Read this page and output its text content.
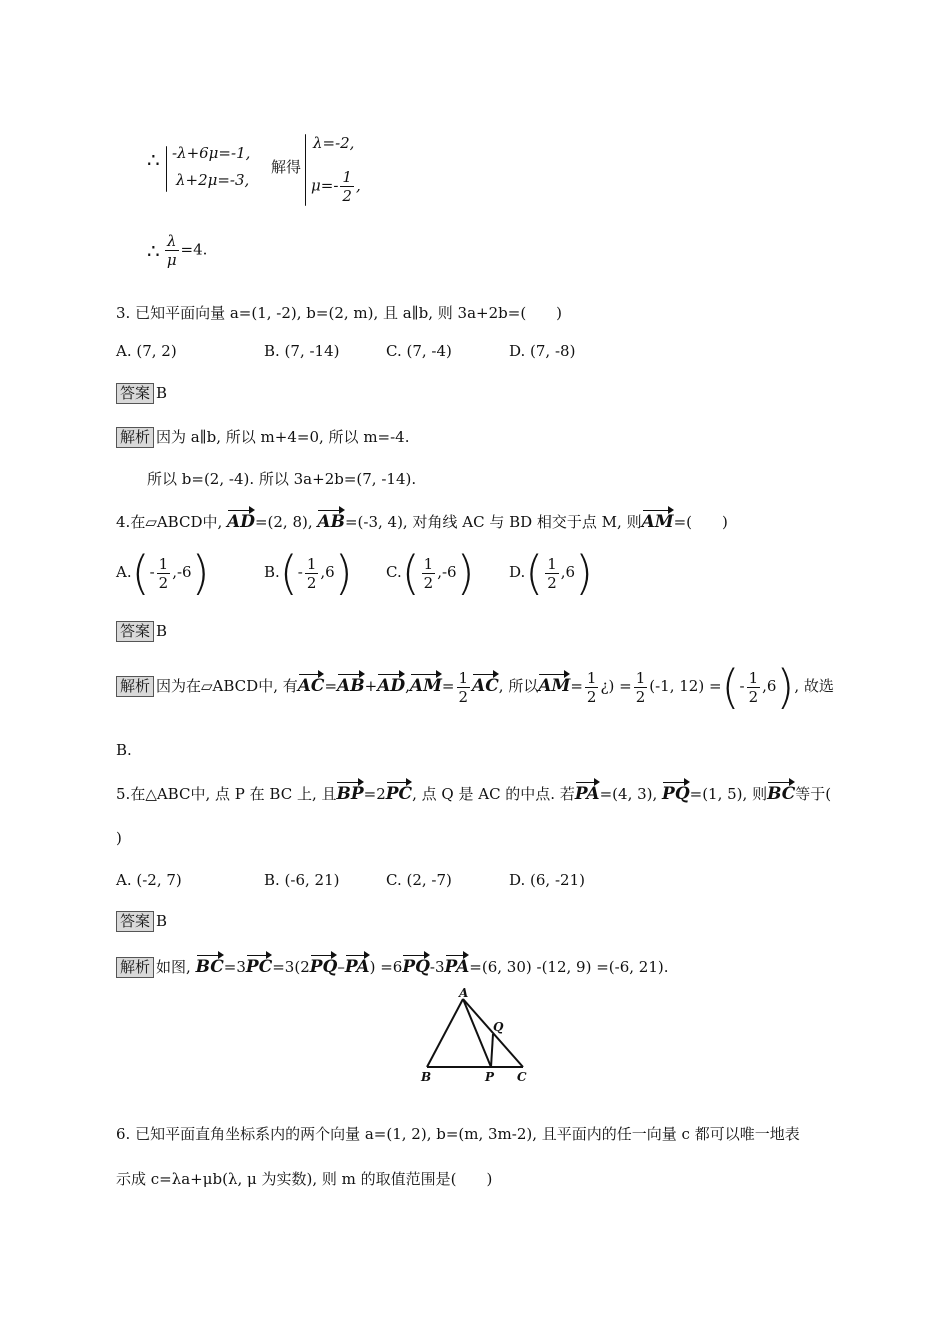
∴ -λ+6μ=-1,
λ+2μ=-3,
解得
λ=-2,
$\mu=- \frac{1}{2}$ ,
∴ $\frac{\lambda}{\mu} =4$.
3. 已知平面向量 a=(1, -2), b=(2, m), 且 a∥b, 则 3a+2b=(　　)
A. (7, 2)	B. (7, -14)	C. (7, -4)	D. (7, -8)
答案 B
解析 因为 a∥b, 所以 m+4=0, 所以 m=-4.
所以 b=(2, -4). 所以 3a+2b=(7, -14).
4.在▱ABCD中, AD=(2, 8), AB=(-3, 4), 对角线 AC 与 BD 相交于点 M, 则AM=(　　)
$A.(- \frac{1}{2} ,-6)$	$B.(- \frac{1}{2} ,6)$ $C.( \frac{1}{2} ,-6)$ $D.( \frac{1}{2} ,6)$
答案 B
解析 因为在▱ABCD中, 有$AC=AB+AD,AM= \frac{1}{2}$ AC, 所以$AM= \frac{1}{2}$ ¿) = $\frac{1}{2} (-1$, 12) =(- $\frac{1}{2} ,6$), 故选
B.
5.在△ABC中, 点 P 在 BC 上, 且BP=2PC, 点 Q 是 AC 的中点. 若PA=(4, 3), PQ=(1, 5), 则BC等于(
)
A. (-2, 7)	B. (-6, 21)	C. (2, -7)	D. (6, -21)
答案 B
解析 如图, BC=3PC=3(2PQ–PA) =6PQ-3PA=(6, 30) -(12, 9) =(-6, 21).
A
B	P C
Q
6. 已知平面直角坐标系内的两个向量 a=(1, 2), b=(m, 3m-2), 且平面内的任一向量 c 都可以唯一地表
示成 c=λa+μb(λ, μ 为实数), 则 m 的取值范围是(　　)
